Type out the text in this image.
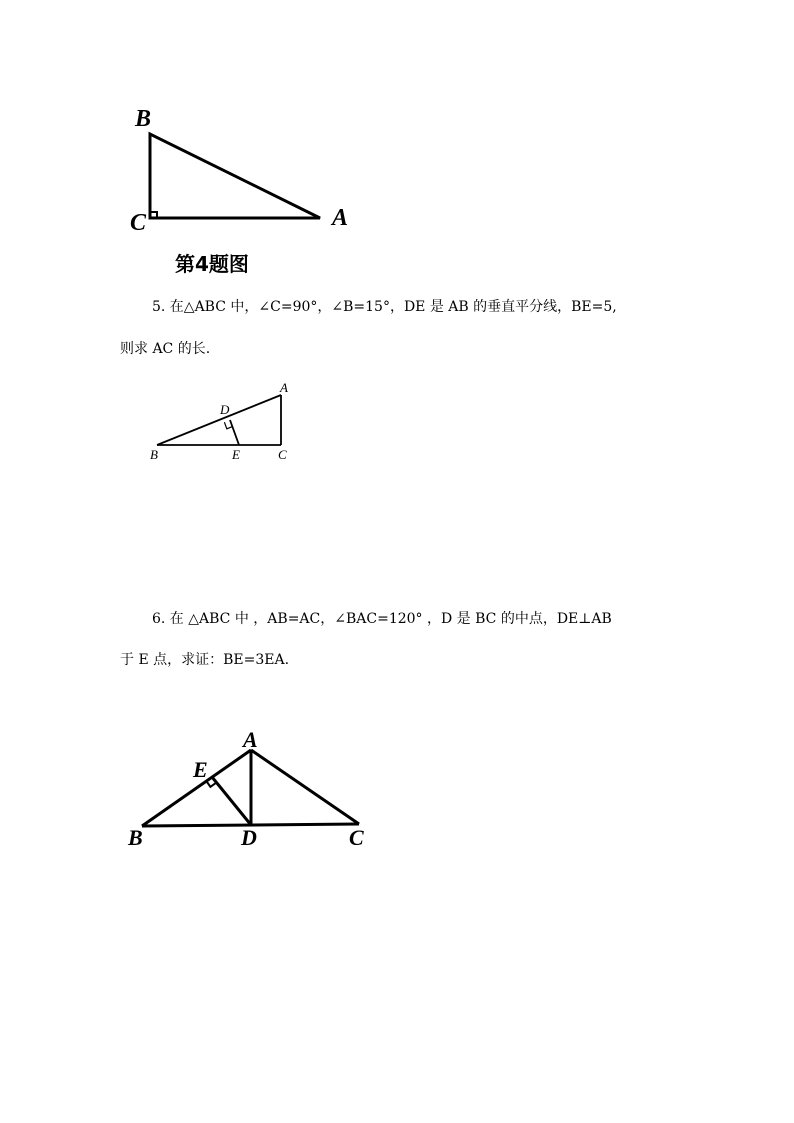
B
C	A
第4题图
5. 在△ABC 中，∠C=90°，∠B=15°，DE 是 AB 的垂直平分线，BE=5,
则求 AC 的长.
A
D
B	E	C
6. 在 △ABC 中 ，AB=AC，∠BAC=120° ，D 是 BC 的中点，DE⊥AB
于 E 点，求证：BE=3EA.
A
E
B	D	C
